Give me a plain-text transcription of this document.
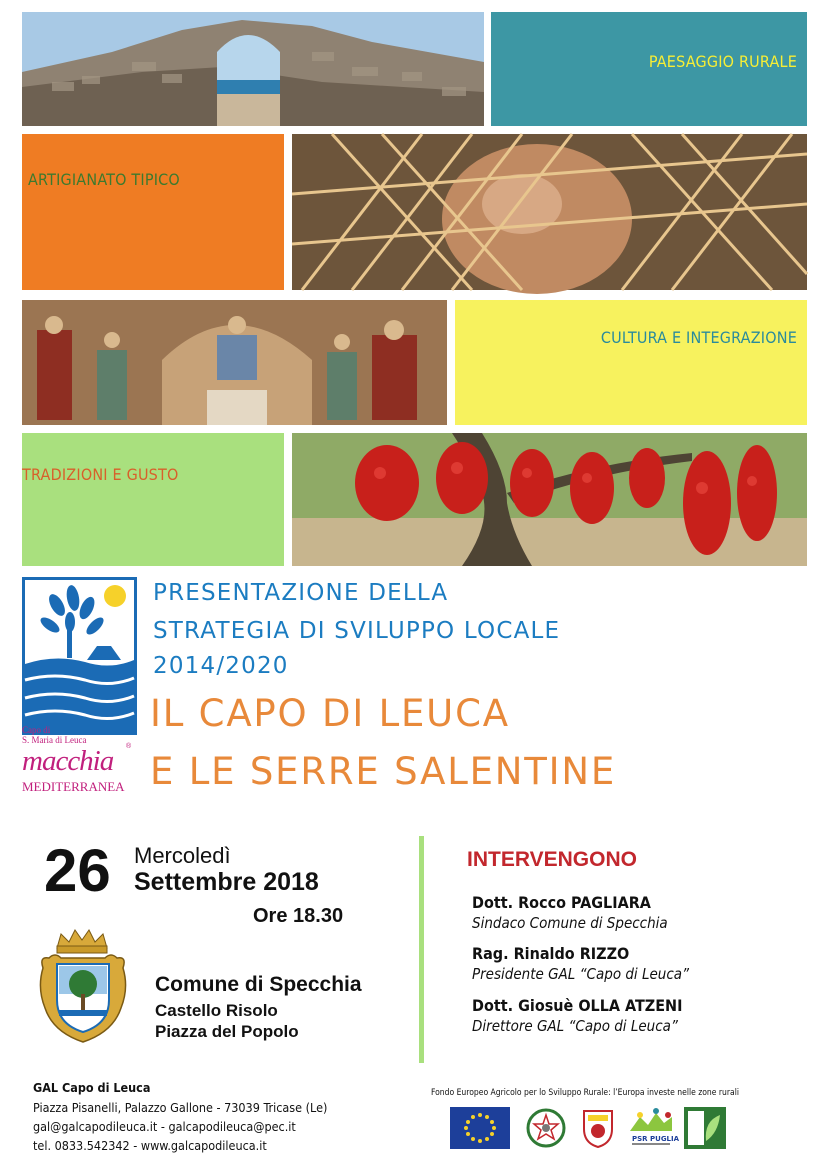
PAESAGGIO RURALE
ARTIGIANATO TIPICO
CULTURA E INTEGRAZIONE
TRADIZIONI E GUSTO
Capo di
S. Maria di Leuca
macchia ®
MEDITERRANEA
PRESENTAZIONE DELLA
STRATEGIA DI SVILUPPO LOCALE
2014/2020
IL CAPO DI LEUCA
E LE SERRE SALENTINE
26 Mercoledì
Settembre 2018
Ore 18.30
Comune di Specchia
Castello Risolo
Piazza del Popolo
INTERVENGONO
Dott. Rocco PAGLIARA
Sindaco Comune di Specchia
Rag. Rinaldo RIZZO
Presidente GAL “Capo di Leuca”
Dott. Giosuè OLLA ATZENI
Direttore GAL “Capo di Leuca”
GAL Capo di Leuca
Piazza Pisanelli, Palazzo Gallone - 73039 Tricase (Le)
gal@galcapodileuca.it - galcapodileuca@pec.it
tel. 0833.542342 - www.galcapodileuca.it
Fondo Europeo Agricolo per lo Sviluppo Rurale: l’Europa investe nelle zone rurali
PSR PUGLIA
